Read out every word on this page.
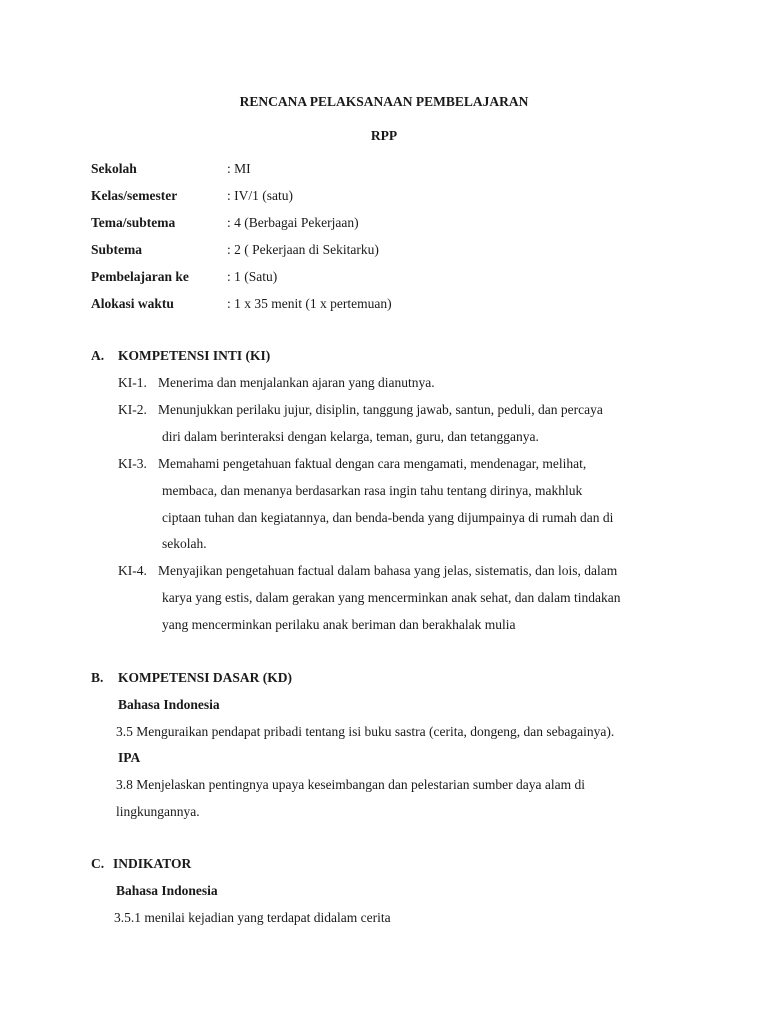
RENCANA PELAKSANAAN PEMBELAJARAN
RPP
Sekolah	: MI
Kelas/semester	: IV/1 (satu)
Tema/subtema	: 4 (Berbagai Pekerjaan)
Subtema	: 2 ( Pekerjaan di Sekitarku)
Pembelajaran ke	: 1 (Satu)
Alokasi waktu	: 1 x 35 menit (1 x pertemuan)
A. KOMPETENSI INTI (KI)
KI-1. Menerima dan menjalankan ajaran yang dianutnya.
KI-2. Menunjukkan perilaku jujur, disiplin, tanggung jawab, santun, peduli, dan percaya
diri dalam berinteraksi dengan kelarga, teman, guru, dan tetangganya.
KI-3. Memahami pengetahuan faktual dengan cara mengamati, mendenagar, melihat,
membaca, dan menanya berdasarkan rasa ingin tahu tentang dirinya, makhluk
ciptaan tuhan dan kegiatannya, dan benda-benda yang dijumpainya di rumah dan di
sekolah.
KI-4. Menyajikan pengetahuan factual dalam bahasa yang jelas, sistematis, dan lois, dalam
karya yang estis, dalam gerakan yang mencerminkan anak sehat, dan dalam tindakan
yang mencerminkan perilaku anak beriman dan berakhalak mulia
B. KOMPETENSI DASAR (KD)
Bahasa Indonesia
3.5 Menguraikan pendapat pribadi tentang isi buku sastra (cerita, dongeng, dan sebagainya).
IPA
3.8 Menjelaskan pentingnya upaya keseimbangan dan pelestarian sumber daya alam di
lingkungannya.
C. INDIKATOR
Bahasa Indonesia
3.5.1 menilai kejadian yang terdapat didalam cerita
